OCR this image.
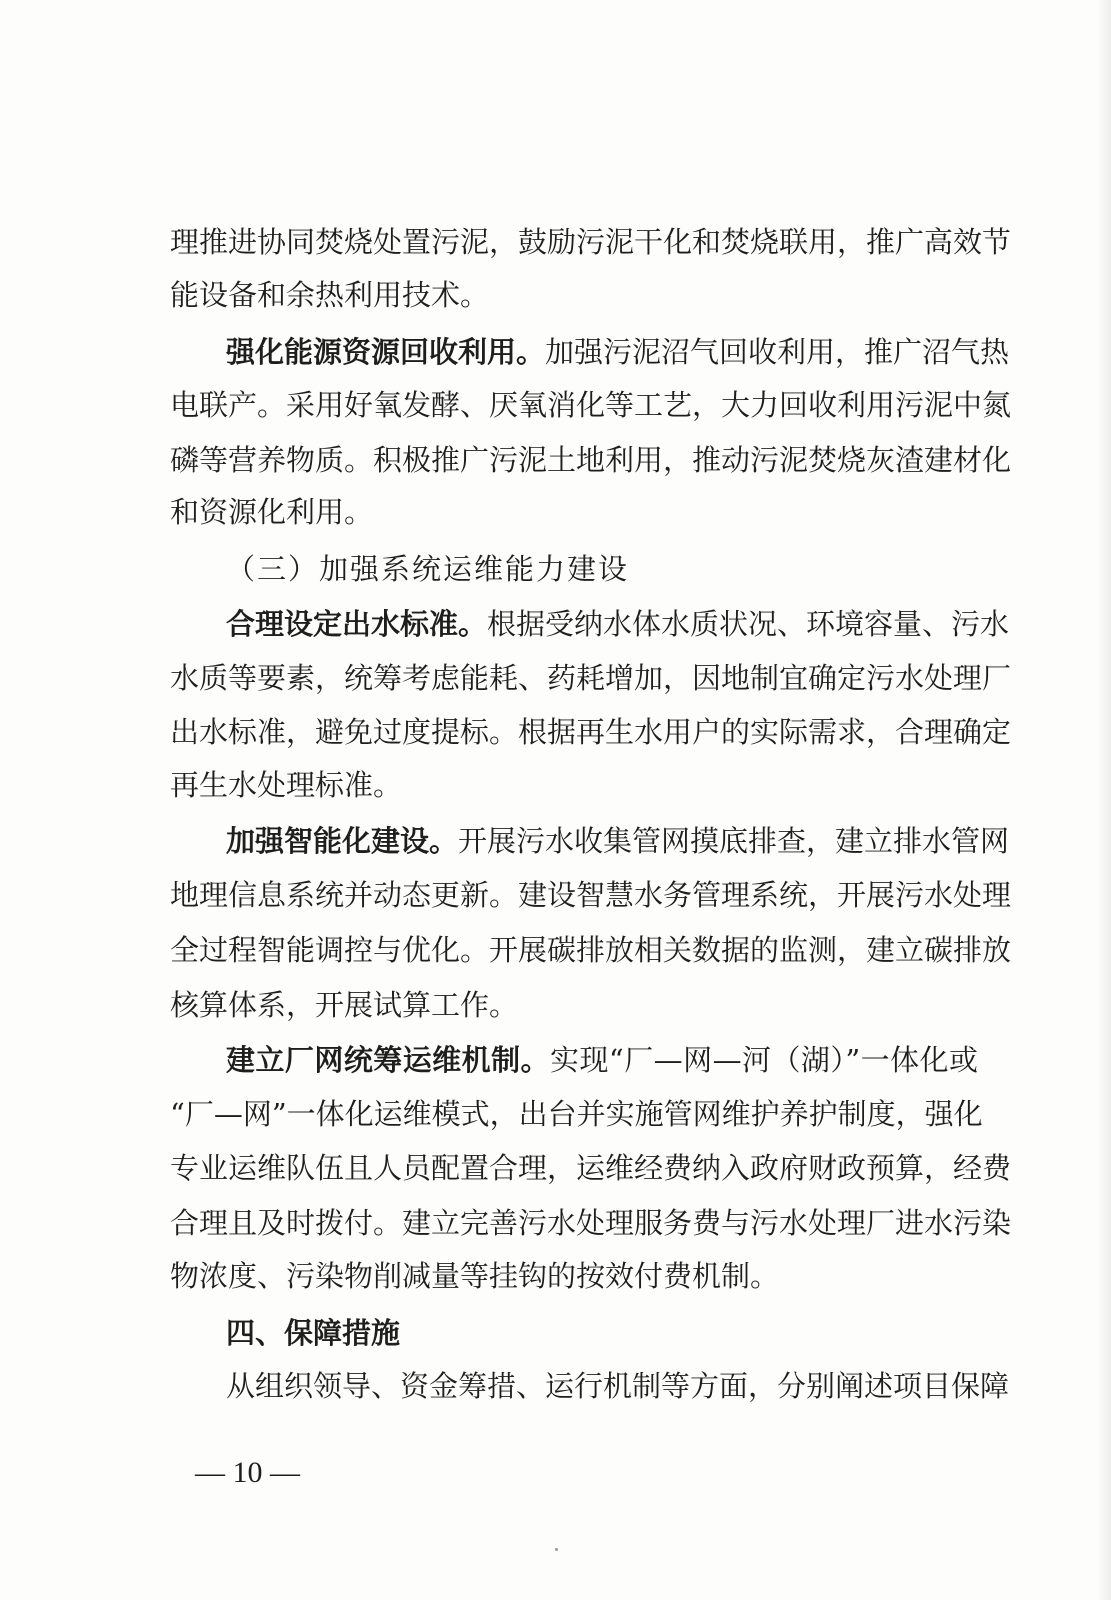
理推进协同焚烧处置污泥，鼓励污泥干化和焚烧联用，推广高效节
能设备和余热利用技术。
强化能源资源回收利用。加强污泥沼气回收利用，推广沼气热
电联产。采用好氧发酵、厌氧消化等工艺，大力回收利用污泥中氮
磷等营养物质。积极推广污泥土地利用，推动污泥焚烧灰渣建材化
和资源化利用。
（三）加强系统运维能力建设
合理设定出水标准。根据受纳水体水质状况、环境容量、污水
水质等要素，统筹考虑能耗、药耗增加，因地制宜确定污水处理厂
出水标准，避免过度提标。根据再生水用户的实际需求，合理确定
再生水处理标准。
加强智能化建设。开展污水收集管网摸底排查，建立排水管网
地理信息系统并动态更新。建设智慧水务管理系统，开展污水处理
全过程智能调控与优化。开展碳排放相关数据的监测，建立碳排放
核算体系，开展试算工作。
建立厂网统筹运维机制。实现“厂—网—河（湖）”一体化或
“厂—网”一体化运维模式，出台并实施管网维护养护制度，强化
专业运维队伍且人员配置合理，运维经费纳入政府财政预算，经费
合理且及时拨付。建立完善污水处理服务费与污水处理厂进水污染
物浓度、污染物削减量等挂钩的按效付费机制。
四、保障措施
从组织领导、资金筹措、运行机制等方面，分别阐述项目保障
— 10 —
